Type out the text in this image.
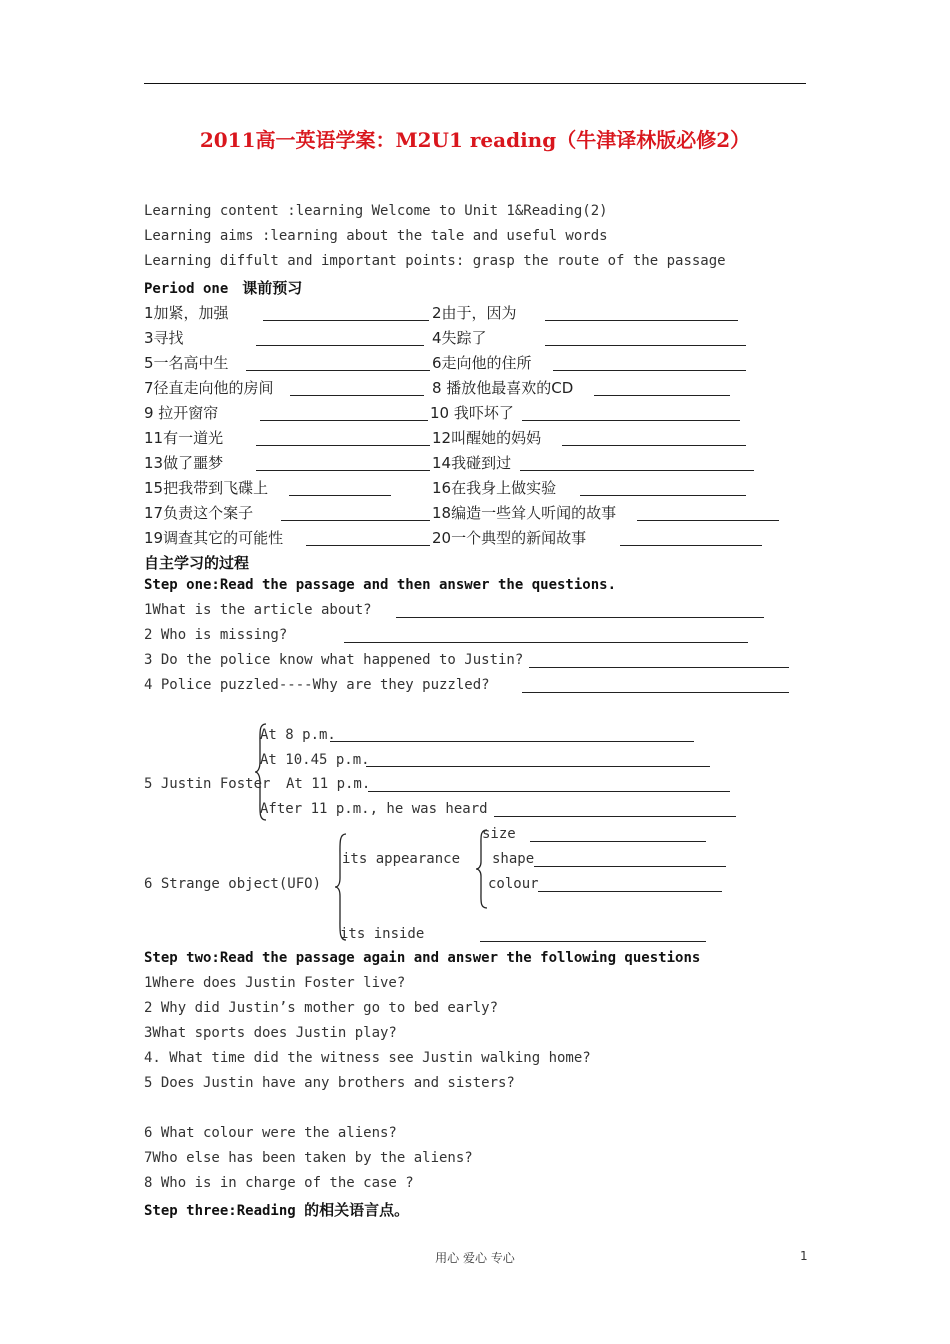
2011高一英语学案：M2U1 reading（牛津译林版必修2）
Learning content :learning Welcome to Unit 1&Reading(2)
Learning aims :learning about the tale and useful words
Learning diffult and important points: grasp the route of the passage
Period one 课前预习
1加紧，加强	2由于，因为
3寻找	4失踪了
5一名高中生	6走向他的住所
7径直走向他的房间	8 播放他最喜欢的CD
9 拉开窗帘	10 我吓坏了
11有一道光	12叫醒她的妈妈
13做了噩梦	14我碰到过
15把我带到飞碟上	16在我身上做实验
17负责这个案子	18编造一些耸人听闻的故事
19调查其它的可能性	20一个典型的新闻故事
自主学习的过程
Step one:Read the passage and then answer the questions.
1What is the article about?
2 Who is missing?
3 Do the police know what happened to Justin?
4 Police puzzled----Why are they puzzled?
5 Justin Foster
At 8 p.m.
At 10.45 p.m.
At 11 p.m.
After 11 p.m., he was heard
6 Strange object(UFO)
its appearance
size
shape
colour
its inside
Step two:Read the passage again and answer the following questions
1Where does Justin Foster live?
2 Why did Justin’s mother go to bed early?
3What sports does Justin play?
4. What time did the witness see Justin walking home?
5 Does Justin have any brothers and sisters?
6 What colour were the aliens?
7Who else has been taken by the aliens?
8 Who is in charge of the case ?
Step three:Reading 的相关语言点。
用心 爱心 专心	1
